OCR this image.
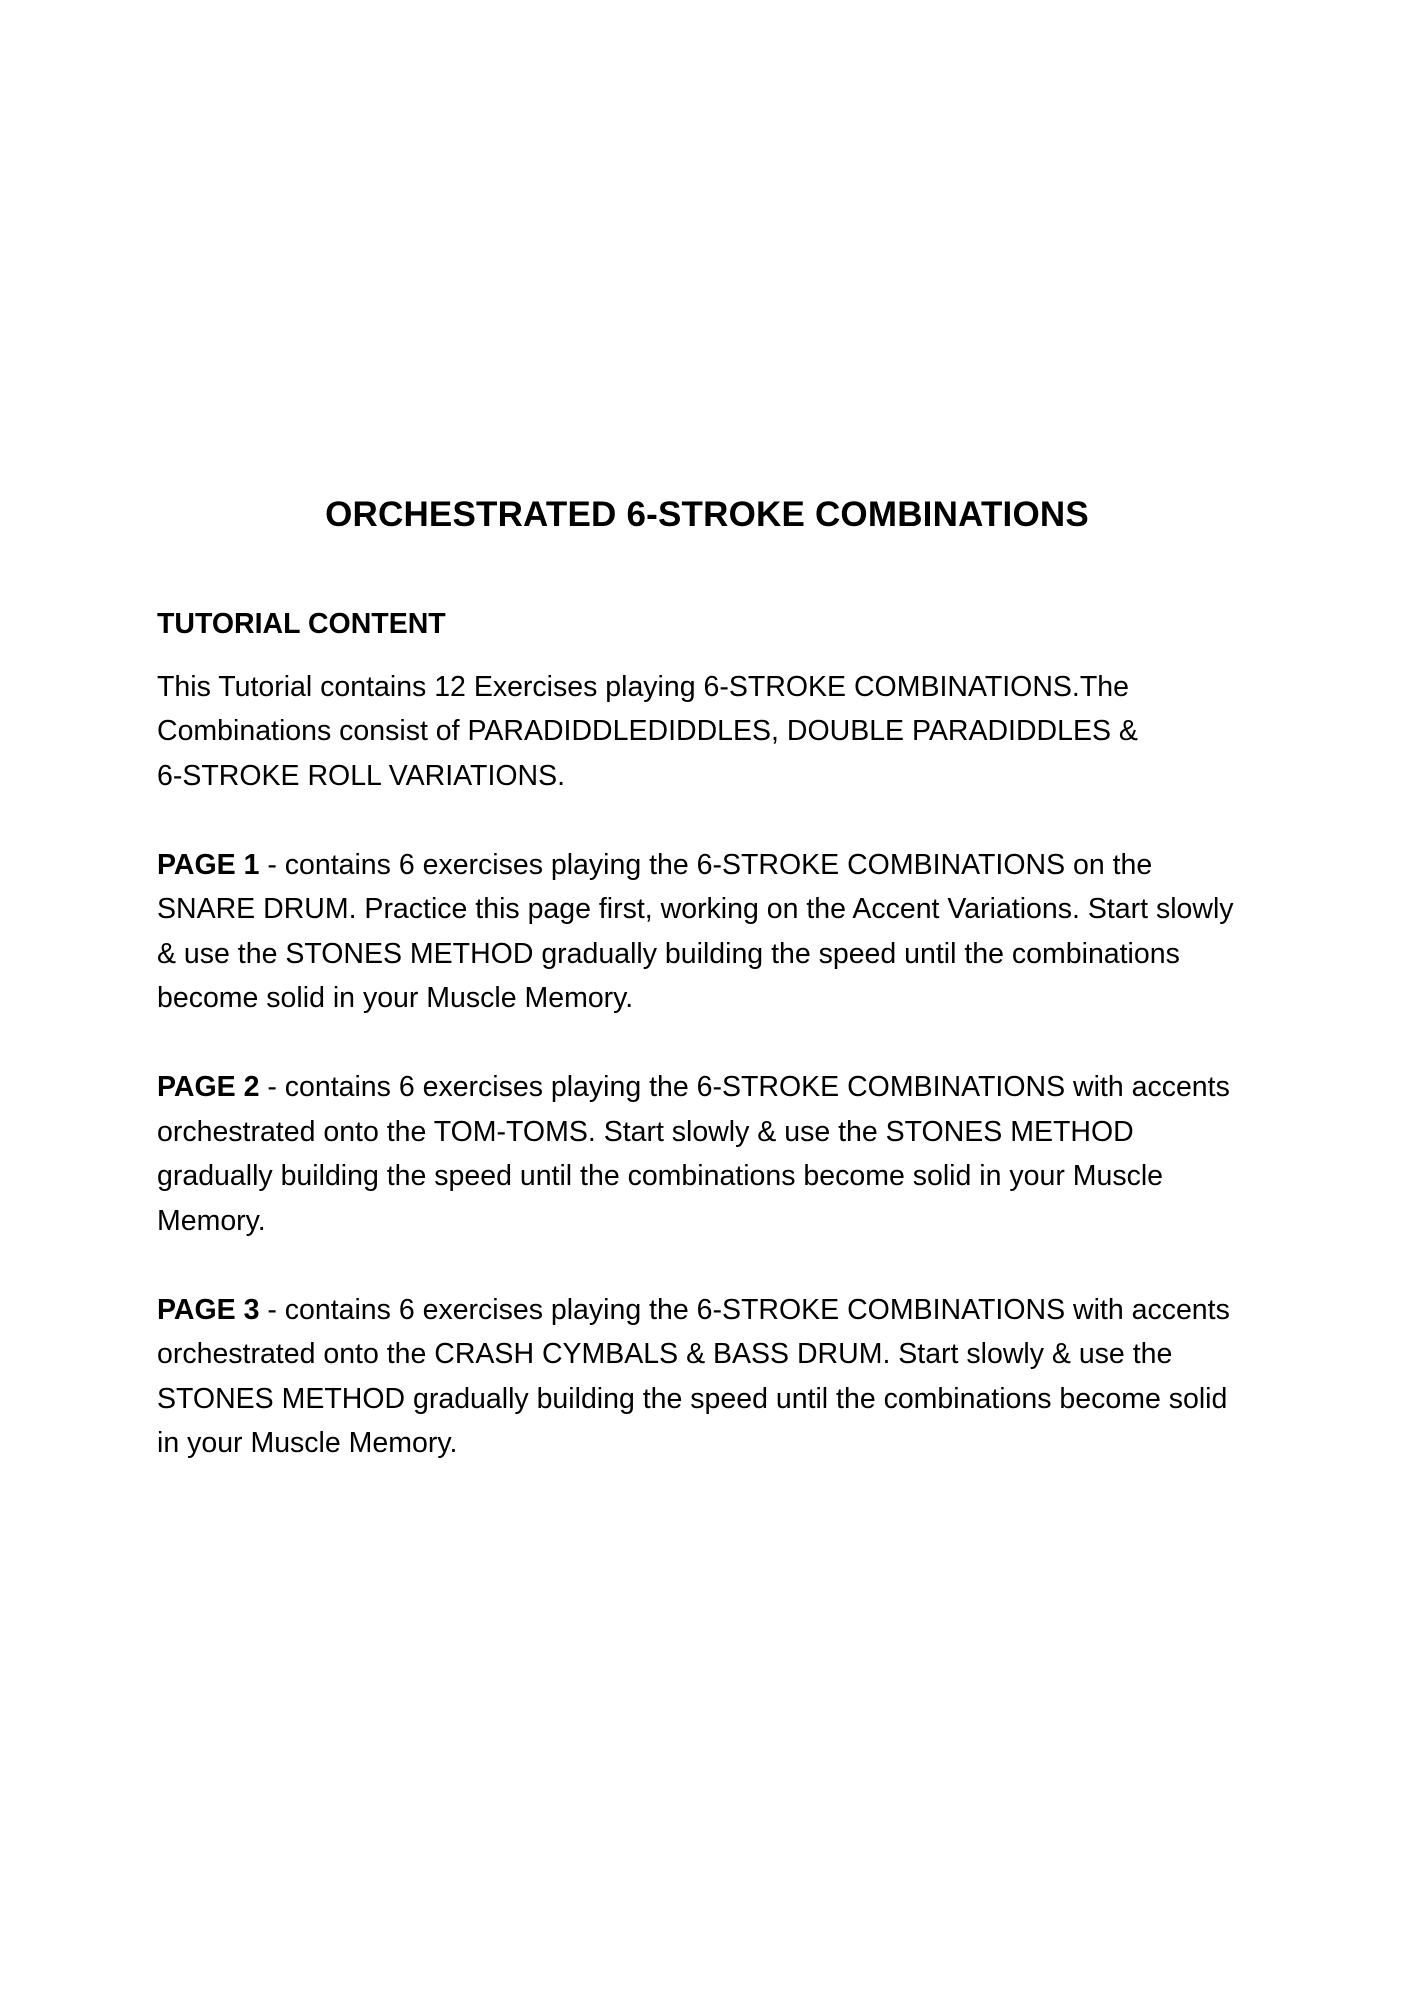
ORCHESTRATED 6-STROKE COMBINATIONS

TUTORIAL CONTENT

This Tutorial contains 12 Exercises playing 6-STROKE COMBINATIONS.The
Combinations consist of PARADIDDLEDIDDLES, DOUBLE PARADIDDLES &
6-STROKE ROLL VARIATIONS.

PAGE 1 - contains 6 exercises playing the 6-STROKE COMBINATIONS on the
SNARE DRUM. Practice this page first, working on the Accent Variations. Start slowly
& use the STONES METHOD gradually building the speed until the combinations
become solid in your Muscle Memory.

PAGE 2 - contains 6 exercises playing the 6-STROKE COMBINATIONS with accents
orchestrated onto the TOM-TOMS. Start slowly & use the STONES METHOD
gradually building the speed until the combinations become solid in your Muscle
Memory.

PAGE 3 - contains 6 exercises playing the 6-STROKE COMBINATIONS with accents
orchestrated onto the CRASH CYMBALS & BASS DRUM. Start slowly & use the
STONES METHOD gradually building the speed until the combinations become solid
in your Muscle Memory.
